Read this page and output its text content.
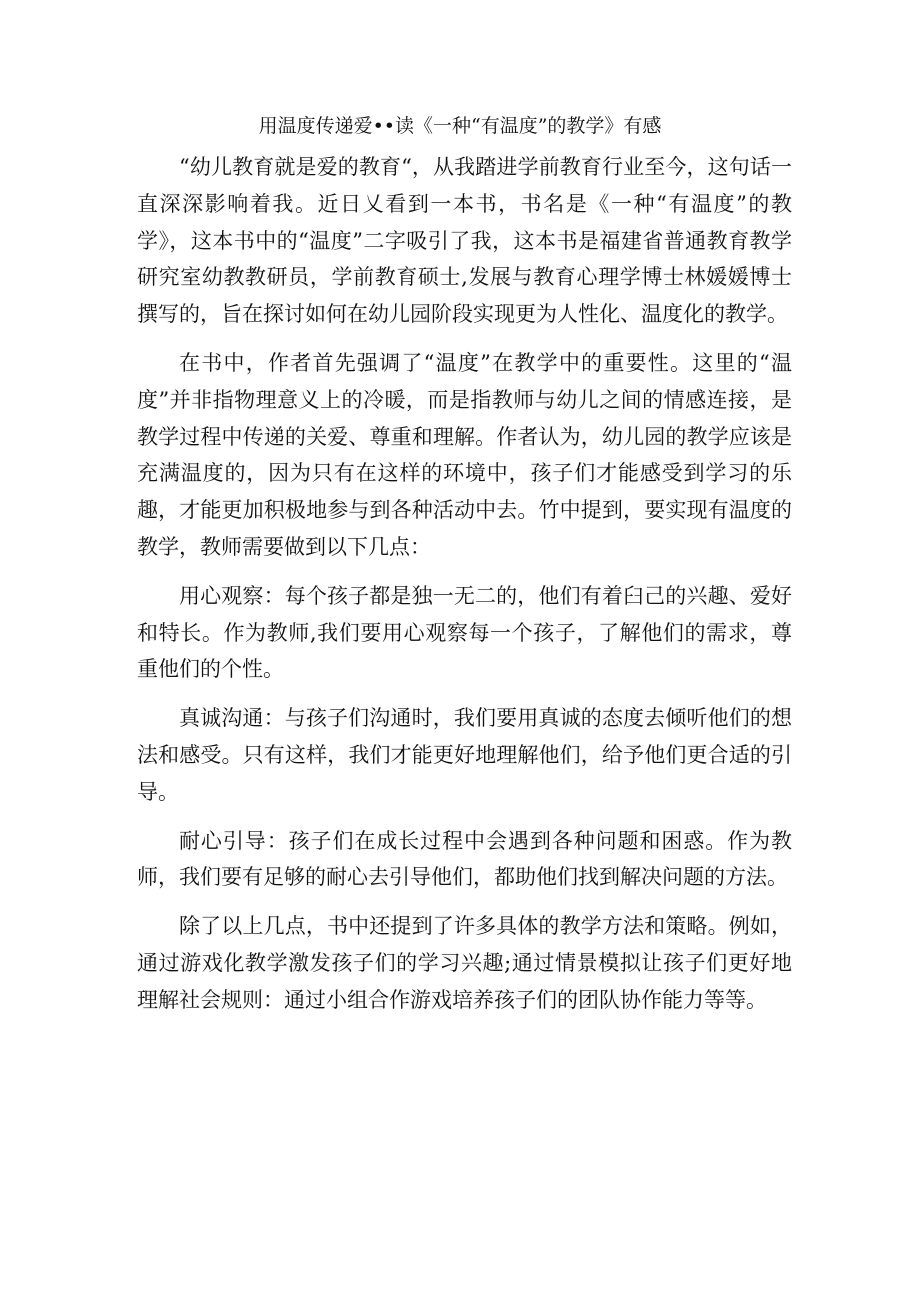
用温度传递爱••读《一种“有温度”的教学》有感

“幼儿教育就是爱的教育“，从我踏进学前教育行业至今，这句话一直深深影响着我。近日乂看到一本书，书名是《一种“有温度”的教学》，这本书中的“温度”二字吸引了我，这本书是福建省普通教育教学研究室幼教教研员，学前教育硕士,发展与教育心理学博士林媛媛博士撰写的，旨在探讨如何在幼儿园阶段实现更为人性化、温度化的教学。

在书中，作者首先强调了“温度”在教学中的重要性。这里的“温度”并非指物理意义上的冷暖，而是指教师与幼儿之间的情感连接，是教学过程中传递的关爱、尊重和理解。作者认为，幼儿园的教学应该是充满温度的，因为只有在这样的环境中，孩子们才能感受到学习的乐趣，才能更加积极地参与到各种活动中去。竹中提到，要实现有温度的教学，教师需要做到以下几点：

用心观察：每个孩子都是独一无二的，他们有着臼己的兴趣、爱好和特长。作为教师,我们要用心观察每一个孩子，了解他们的需求，尊重他们的个性。

真诚沟通：与孩子们沟通时，我们要用真诚的态度去倾听他们的想法和感受。只有这样，我们才能更好地理解他们，给予他们更合适的引导。

耐心引导：孩子们在成长过程中会遇到各种问题和困惑。作为教师，我们要有足够的耐心去引导他们，都助他们找到解决问题的方法。

除了以上几点，书中还提到了许多具体的教学方法和策略。例如，通过游戏化教学激发孩子们的学习兴趣;通过情景模拟让孩子们更好地理解社会规则：通过小组合作游戏培养孩子们的团队协作能力等等。
